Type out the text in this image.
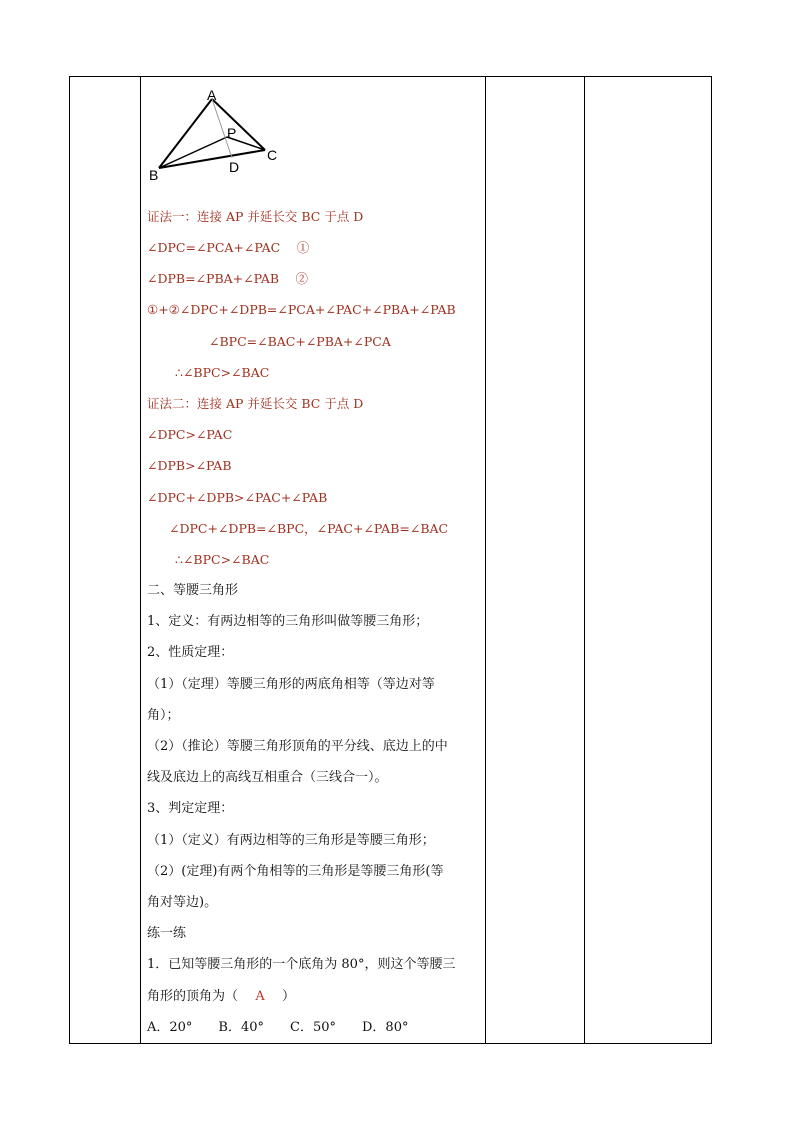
A
P
C
B	D
证法一：连接 AP 并延长交 BC 于点 D
∠DPC=∠PCA+∠PAC　 ①
∠DPB=∠PBA+∠PAB　 ②
①+②∠DPC+∠DPB=∠PCA+∠PAC+∠PBA+∠PAB
∠BPC=∠BAC+∠PBA+∠PCA
∴∠BPC>∠BAC
证法二：连接 AP 并延长交 BC 于点 D
∠DPC>∠PAC
∠DPB>∠PAB
∠DPC+∠DPB>∠PAC+∠PAB
∠DPC+∠DPB=∠BPC，∠PAC+∠PAB=∠BAC
∴∠BPC>∠BAC
二、等腰三角形
1、定义：有两边相等的三角形叫做等腰三角形；
2、性质定理：
（1）（定理）等腰三角形的两底角相等（等边对等
角）；
（2）（推论）等腰三角形顶角的平分线、底边上的中
线及底边上的高线互相重合（三线合一）。
3、判定定理：
（1）（定义）有两边相等的三角形是等腰三角形；
（2）(定理)有两个角相等的三角形是等腰三角形(等
角对等边)。
练一练
1．已知等腰三角形的一个底角为 80°，则这个等腰三
角形的顶角为（ A ）
A．20°　　B．40°　　C．50°　　D．80°
